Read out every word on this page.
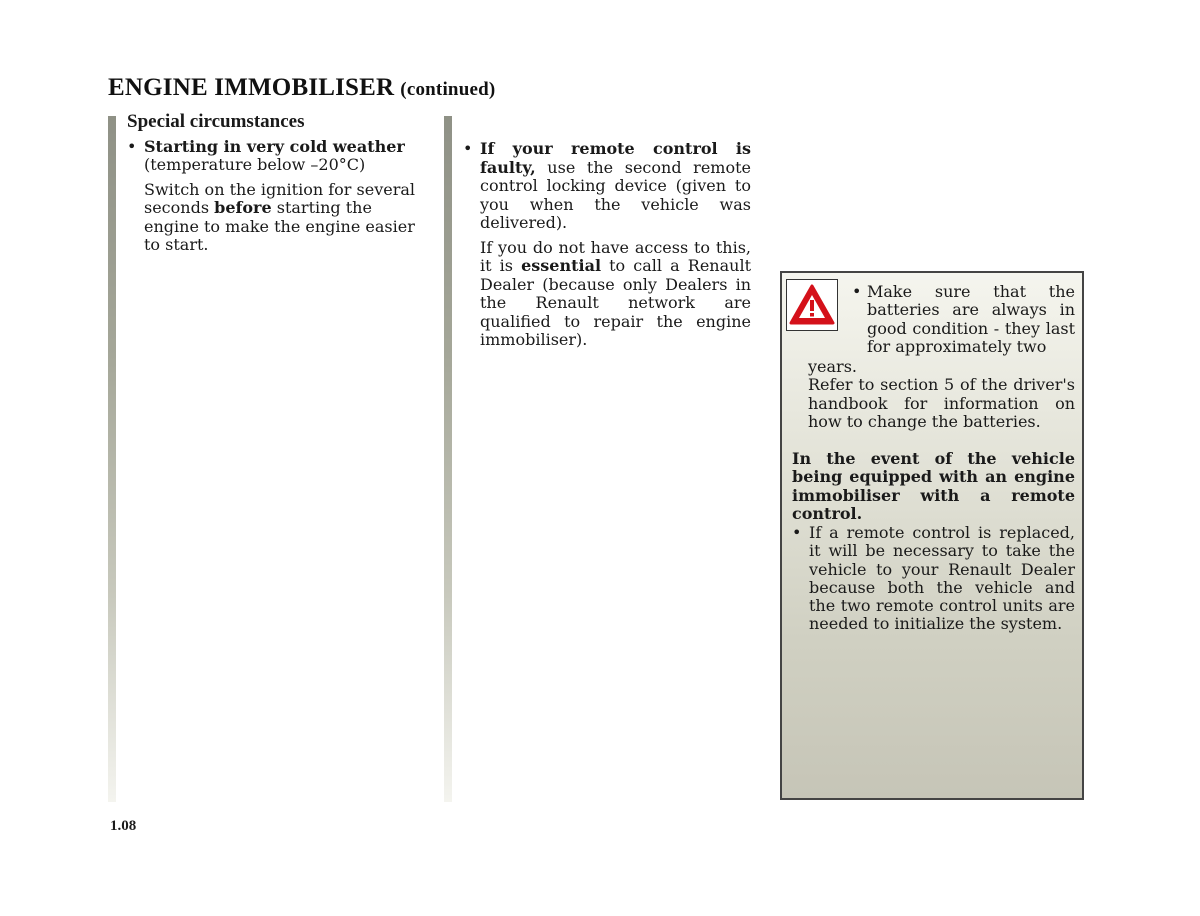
ENGINE IMMOBILISER (continued)
Special circumstances
• Starting in very cold weather
(temperature below –20°C)

Switch on the ignition for several seconds before starting the engine to make the engine easier to start.

• If your remote control is faulty, use the second remote control locking device (given to you when the vehicle was delivered).

If you do not have access to this, it is essential to call a Renault Dealer (because only Dealers in the Renault network are qualified to repair the engine immobiliser).

• Make sure that the batteries are always in good condition - they last for approximately two

years.

Refer to section 5 of the driver's handbook for information on how to change the batteries.

In the event of the vehicle being equipped with an engine immobiliser with a remote control.

• If a remote control is replaced, it will be necessary to take the vehicle to your Renault Dealer because both the vehicle and the two remote control units are needed to initialize the system.
1.08
